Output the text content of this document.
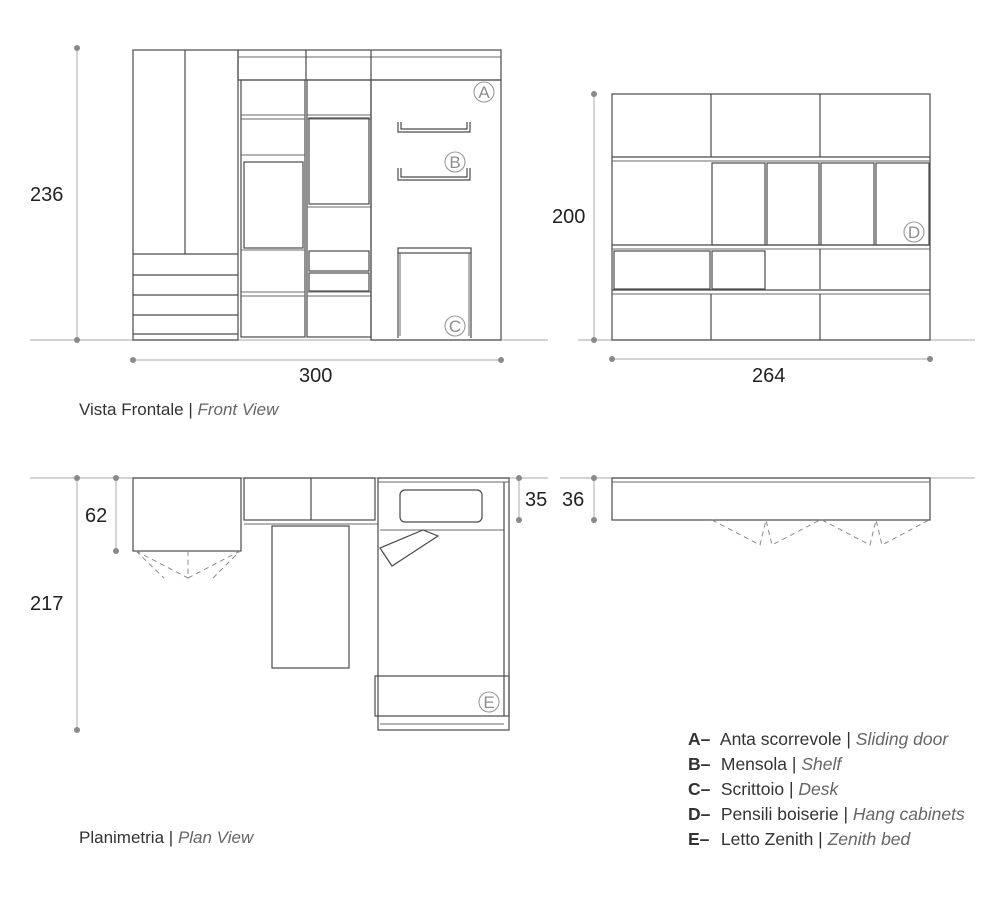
A
B
C
D
E
236
300
200
264
217
62
35 36
Vista Frontale | Front View
Planimetria | Plan View
A– Anta scorrevole | Sliding door
B– Mensola | Shelf
C– Scrittoio | Desk
D– Pensili boiserie | Hang cabinets
E– Letto Zenith | Zenith bed
